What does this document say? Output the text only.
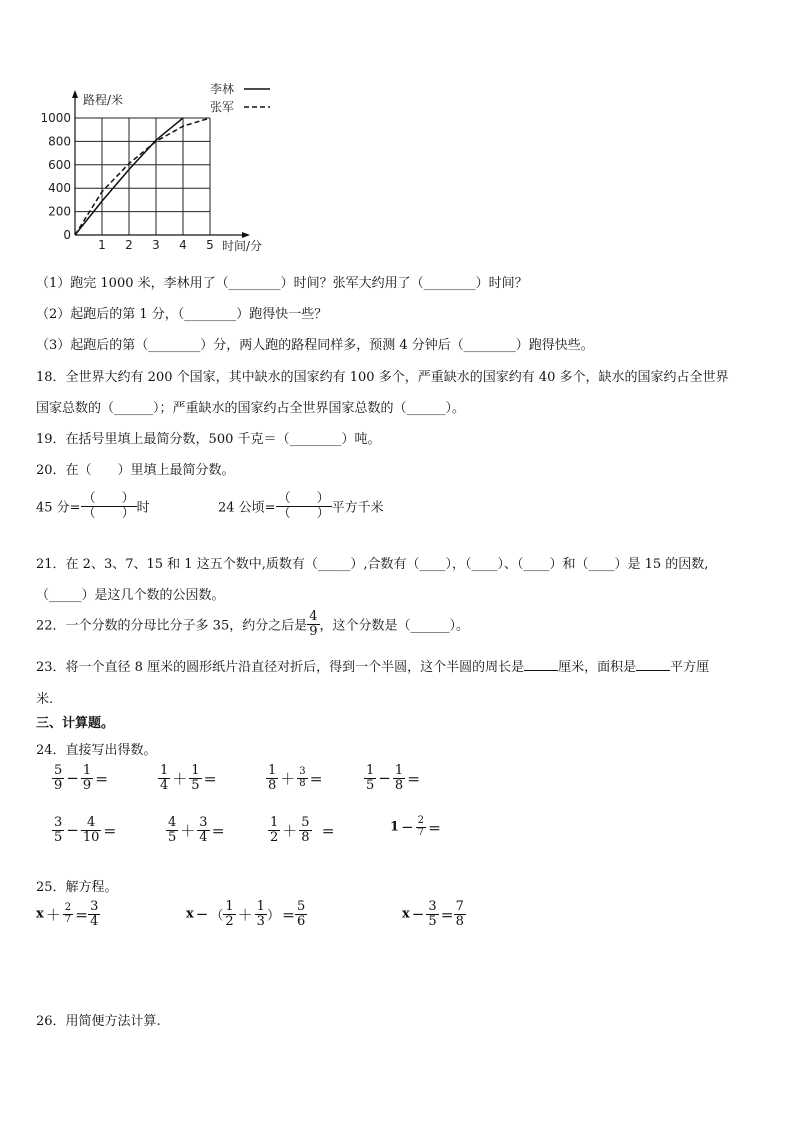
1 2 3 4 5
0
200
400
600
800
1000
路程/米
时间/分
李林
张军
（1）跑完 1000 米，李林用了（________）时间？张军大约用了（________）时间？
（2）起跑后的第 1 分，（________）跑得快一些？
（3）起跑后的第（________）分，两人跑的路程同样多，预测 4 分钟后（________）跑得快些。
18．全世界大约有 200 个国家，其中缺水的国家约有 100 多个，严重缺水的国家约有 40 多个，缺水的国家约占全世界
国家总数的（______）；严重缺水的国家约占全世界国家总数的（______）。
19．在括号里填上最简分数，500 千克＝（________）吨。
20．在（　　）里填上最简分数。
45 分= $\frac{( )}{( )}$ 时	24 公顷= $\frac{( )}{( )}$ 平方千米
21．在 2、3、7、15 和 1 这五个数中,质数有（_____）,合数有（____），（____）、（____）和（____）是 15 的因数,
（_____）是这几个数的公因数。
22．一个分数的分母比分子多 35，约分之后是 $\frac{4}{9}$ ，这个分数是（______）。
23．将一个直径 8 厘米的圆形纸片沿直径对折后，得到一个半圆，这个半圆的周长是	厘米，面积是	平方厘
米.
三、计算题。
24．直接写出得数。
$\frac{5}{9} - \frac{1}{9}$ ＝	$\frac{1}{4} + \frac{1}{5}$ ＝	$\frac{1}{8} + \frac{3}{8}$ ＝	$\frac{1}{5} - \frac{1}{8}$ ＝
$\frac{3}{5} - \frac{4}{10}$ ＝	$\frac{4}{5} + \frac{3}{4}$ ＝	$\frac{1}{2} + \frac{5}{8}$ ＝	$1 - \frac{2}{7}$ ＝
25．解方程。
$x + \frac{2}{7} = \frac{3}{4}$	x − （ $\frac{1}{2} + \frac{1}{3}$ ） ＝ $\frac{5}{6}$	$x - \frac{3}{5} = \frac{7}{8}$
26．用简便方法计算.
